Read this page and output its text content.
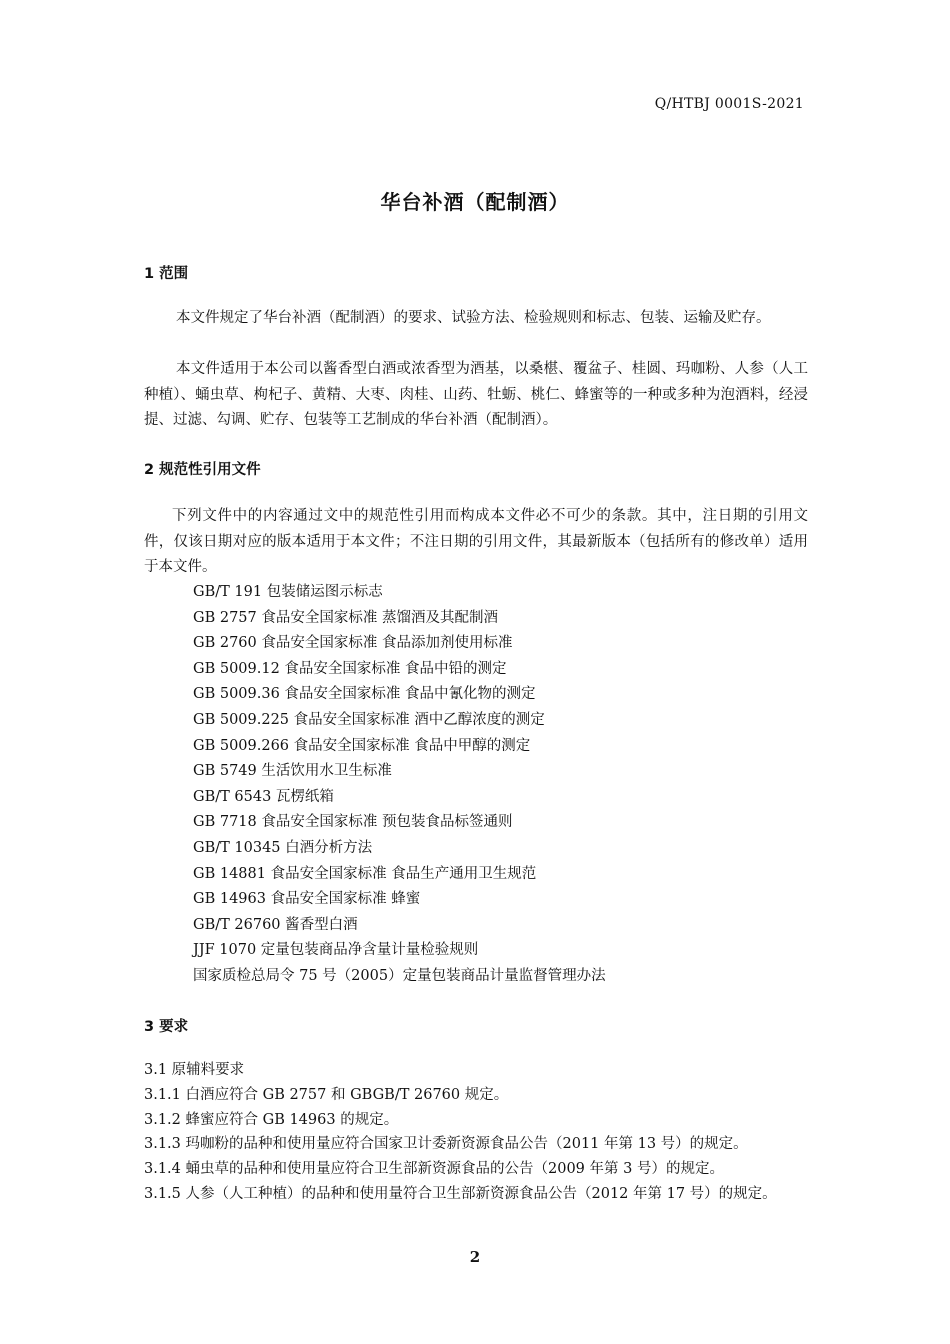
Q/HTBJ 0001S-2021
华台补酒（配制酒）
1 范围
本文件规定了华台补酒（配制酒）的要求、试验方法、检验规则和标志、包装、运输及贮存。
本文件适用于本公司以酱香型白酒或浓香型为酒基，以桑椹、覆盆子、桂圆、玛咖粉、人参（人工种植）、蛹虫草、枸杞子、黄精、大枣、肉桂、山药、牡蛎、桃仁、蜂蜜等的一种或多种为泡酒料，经浸提、过滤、勾调、贮存、包装等工艺制成的华台补酒（配制酒）。
2 规范性引用文件
下列文件中的内容通过文中的规范性引用而构成本文件必不可少的条款。其中，注日期的引用文件，仅该日期对应的版本适用于本文件；不注日期的引用文件，其最新版本（包括所有的修改单）适用于本文件。
GB/T 191 包装储运图示标志
GB 2757 食品安全国家标准 蒸馏酒及其配制酒
GB 2760 食品安全国家标准 食品添加剂使用标准
GB 5009.12 食品安全国家标准 食品中铅的测定
GB 5009.36 食品安全国家标准 食品中氰化物的测定
GB 5009.225 食品安全国家标准 酒中乙醇浓度的测定
GB 5009.266 食品安全国家标准 食品中甲醇的测定
GB 5749 生活饮用水卫生标准
GB/T 6543 瓦楞纸箱
GB 7718 食品安全国家标准 预包装食品标签通则
GB/T 10345 白酒分析方法
GB 14881 食品安全国家标准 食品生产通用卫生规范
GB 14963 食品安全国家标准 蜂蜜
GB/T 26760 酱香型白酒
JJF 1070 定量包装商品净含量计量检验规则
国家质检总局令 75 号（2005）定量包装商品计量监督管理办法
3 要求
3.1 原辅料要求
3.1.1 白酒应符合 GB 2757 和 GBGB/T 26760 规定。
3.1.2 蜂蜜应符合 GB 14963 的规定。
3.1.3 玛咖粉的品种和使用量应符合国家卫计委新资源食品公告（2011 年第 13 号）的规定。
3.1.4 蛹虫草的品种和使用量应符合卫生部新资源食品的公告（2009 年第 3 号）的规定。
3.1.5 人参（人工种植）的品种和使用量符合卫生部新资源食品公告（2012 年第 17 号）的规定。
2
